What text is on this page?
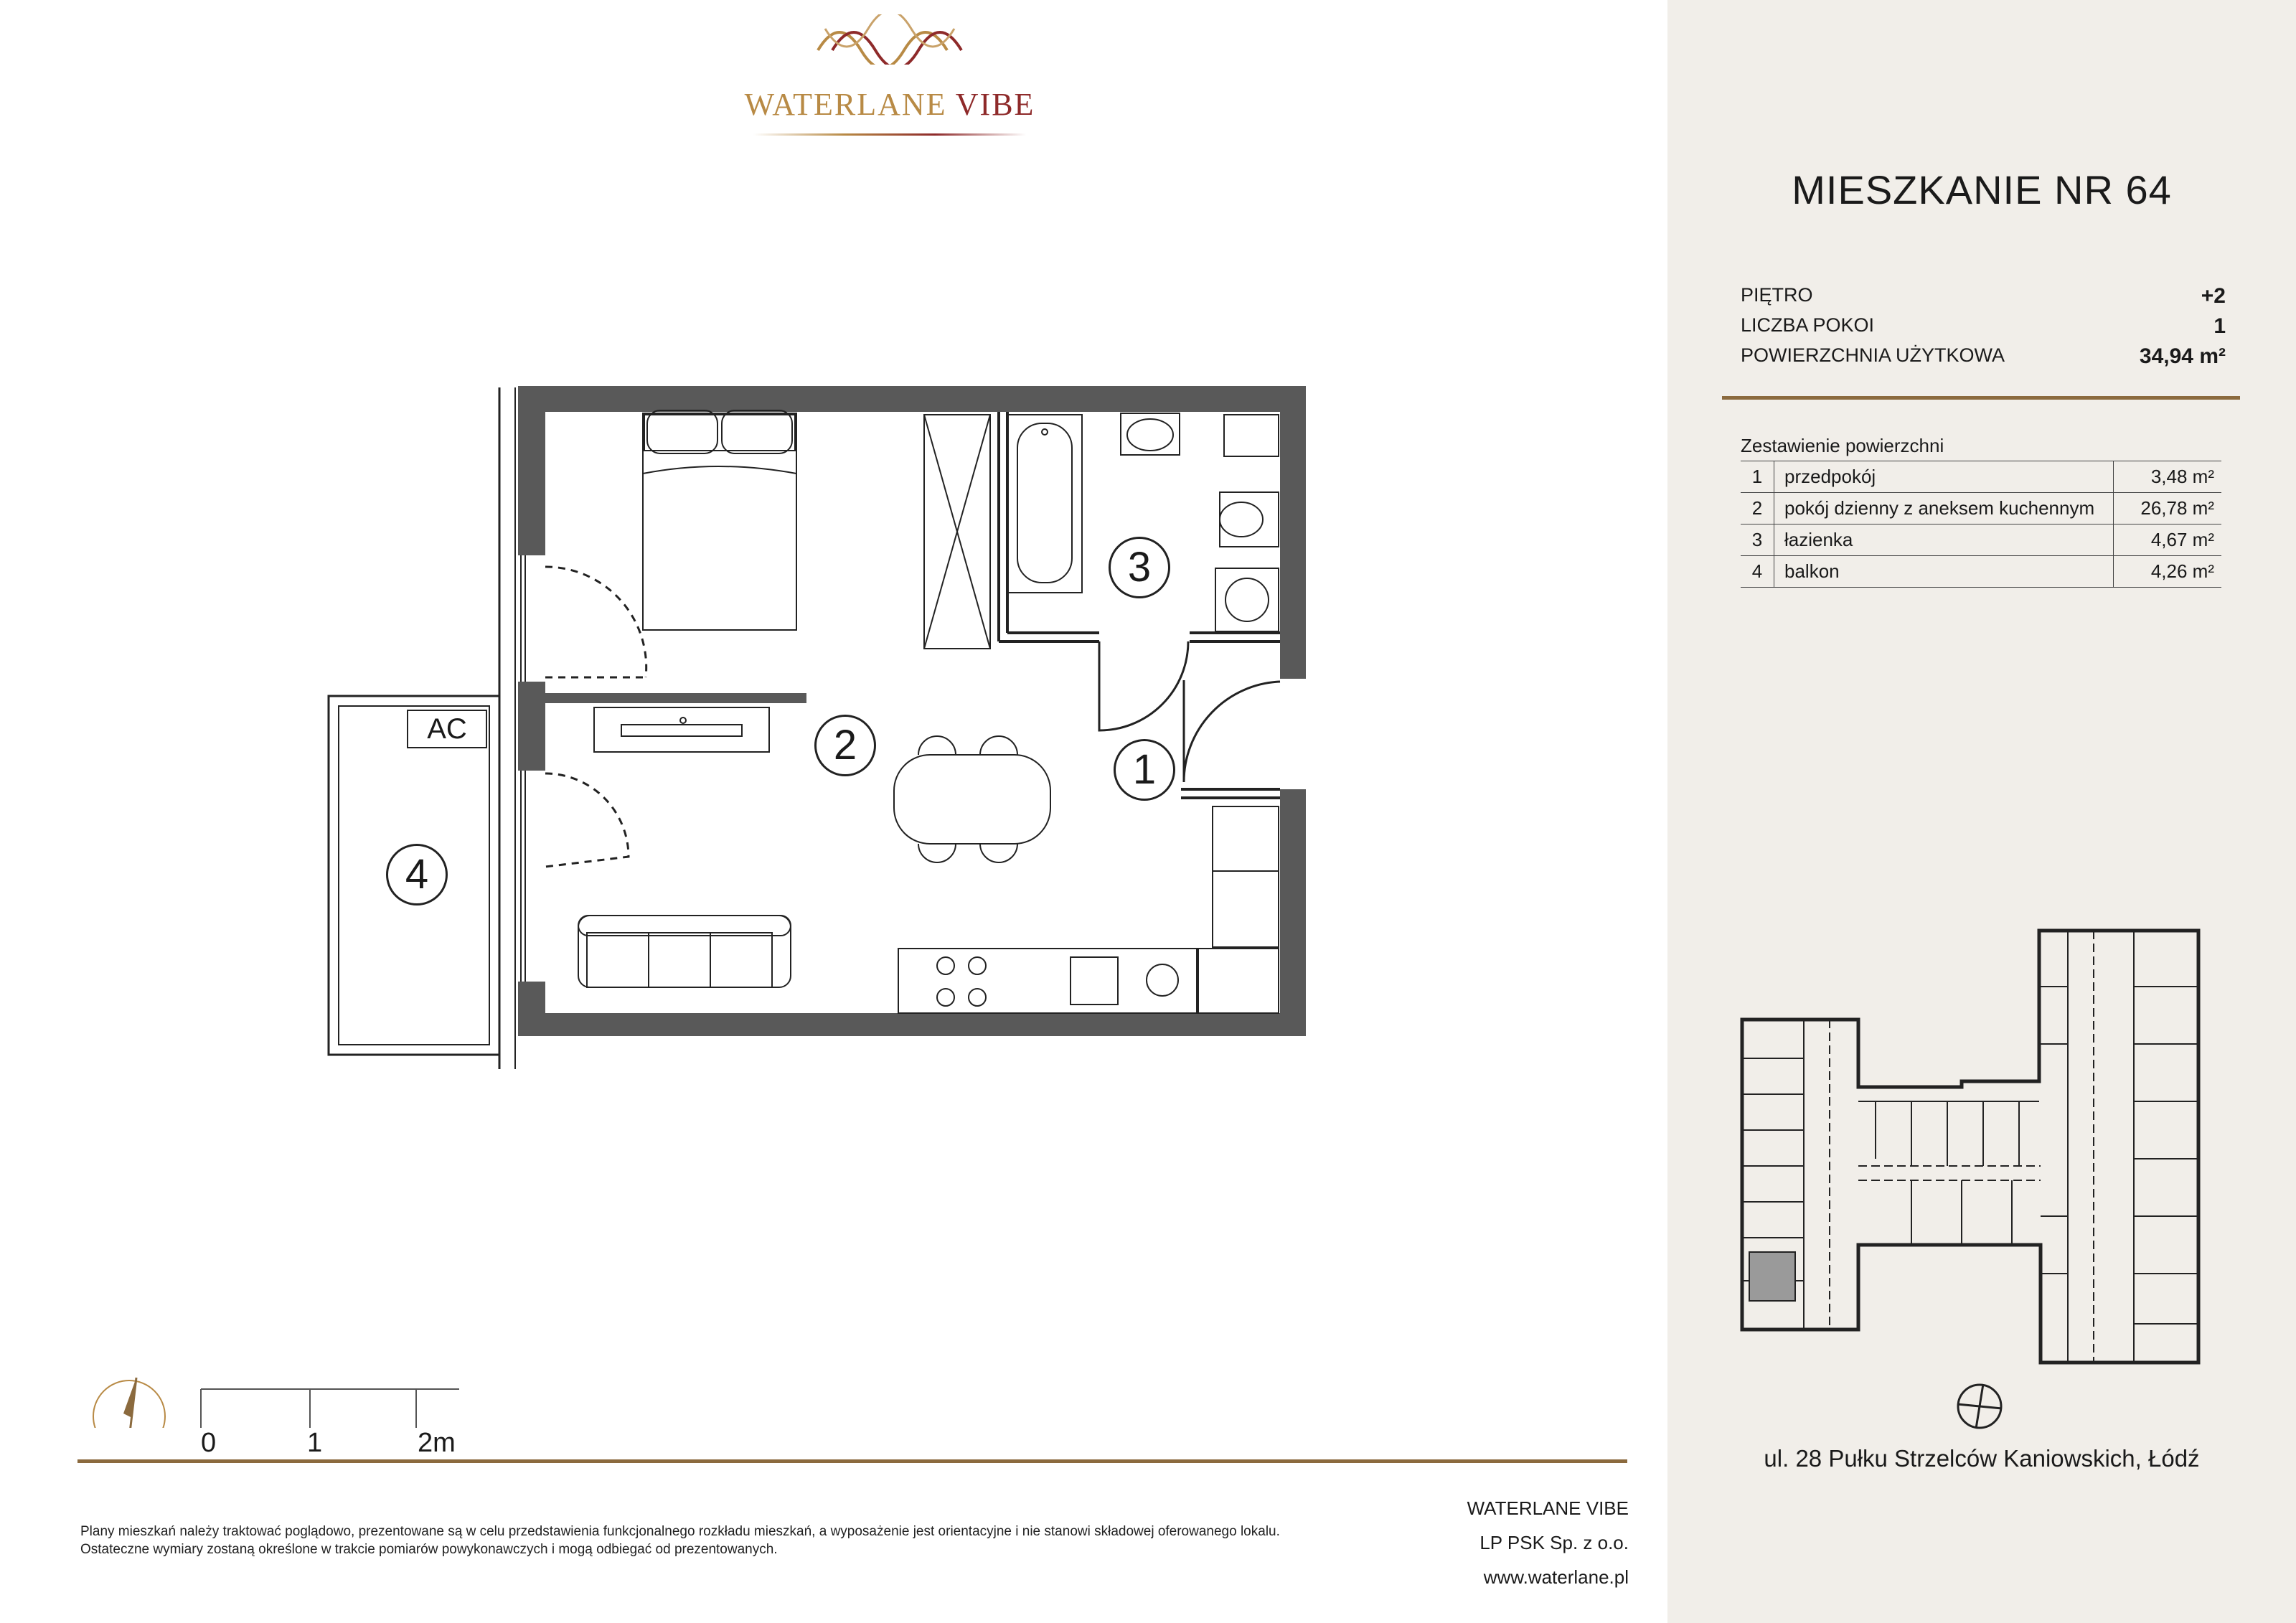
WATERLANE VIBE
1
2
3
4
AC
0	1	2m
Plany mieszkań należy traktować poglądowo, prezentowane są w celu przedstawienia funkcjonalnego rozkładu mieszkań, a wyposażenie jest orientacyjne i nie stanowi składowej oferowanego lokalu.
Ostateczne wymiary zostaną określone w trakcie pomiarów powykonawczych i mogą odbiegać od prezentowanych.
WATERLANE VIBE
LP PSK Sp. z o.o.
www.waterlane.pl
MIESZKANIE NR 64
PIĘTRO	+2
LICZBA POKOI	1
POWIERZCHNIA UŻYTKOWA	34,94 m²
Zestawienie powierzchni
1	przedpokój	3,48 m²
2	pokój dzienny z aneksem kuchennym	26,78 m²
3	łazienka	4,67 m²
4	balkon	4,26 m²
ul. 28 Pułku Strzelców Kaniowskich, Łódź
